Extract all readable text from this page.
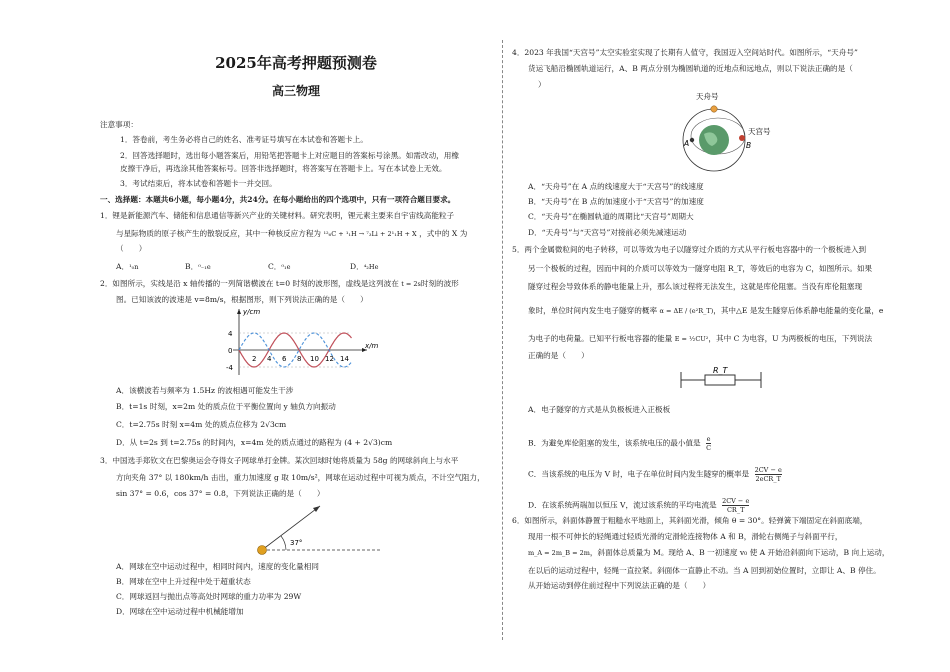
2025年高考押题预测卷
高三物理
注意事项：
1．答卷前，考生务必将自己的姓名、准考证号填写在本试卷和答题卡上。
2．回答选择题时，选出每小题答案后，用铅笔把答题卡上对应题目的答案标号涂黑。如需改动，用橡
皮擦干净后，再选涂其他答案标号。回答非选择题时，将答案写在答题卡上。写在本试卷上无效。
3．考试结束后，将本试卷和答题卡一并交回。
一、选择题：本题共6小题，每小题4分，共24分。在每小题给出的四个选项中，只有一项符合题目要求。
1．锂是新能源汽车、储能和信息通信等新兴产业的关键材料。研究表明，锂元素主要来自宇宙线高能粒子
与星际物质的原子核产生的散裂反应，其中一种核反应方程为 ¹²₆C + ¹₁H → ⁷₃Li + 2¹₁H + X ，式中的 X 为
（　　）
A．¹₀n	B．⁰₋₁e	C．⁰₁e	D．⁴₂He
2．如图所示，实线是沿 x 轴传播的一列简谐横波在 t=0 时刻的波形图，虚线是这列波在 t = 2s时刻的波形
图。已知该波的波速是 v=8m/s，根据图形，则下列说法正确的是（　　）
y/cm
x/m
4
0
-4
2 4 6 8 10 12 14
A．该横波若与频率为 1.5Hz 的波相遇可能发生干涉
B．t=1s 时刻，x=2m 处的质点位于平衡位置向 y 轴负方向振动
C．t=2.75s 时刻 x=4m 处的质点位移为 2√3cm
D．从 t=2s 到 t=2.75s 的时间内，x=4m 处的质点通过的路程为 (4 + 2√3)cm
3．中国选手郑钦文在巴黎奥运会夺得女子网球单打金牌。某次回球时她将质量为 58g 的网球斜向上与水平
方向夹角 37° 以 180km/h 击出，重力加速度 g 取 10m/s²，网球在运动过程中可视为质点，不计空气阻力，
sin 37° = 0.6，cos 37° = 0.8，下列说法正确的是（　　）
37°
A．网球在空中运动过程中，相同时间内，速度的变化量相同
B．网球在空中上升过程中处于超重状态
C．网球返回与抛出点等高处时网球的重力功率为 29W
D．网球在空中运动过程中机械能增加
4．2023 年我国“天宫号”太空实验室实现了长期有人值守，我国迈入空间站时代。如图所示，“天舟号”
货运飞船沿椭圆轨道运行，A、B 两点分别为椭圆轨道的近地点和远地点，则以下说法正确的是（
）
天舟号
天宫号
A	B
A．“天舟号”在 A 点的线速度大于“天宫号”的线速度
B．“天舟号”在 B 点的加速度小于“天宫号”的加速度
C．“天舟号”在椭圆轨道的周期比“天宫号”周期大
D．“天舟号”与“天宫号”对接前必须先减速运动
5．两个金属微粒间的电子转移，可以等效为电子以隧穿过介质的方式从平行板电容器中的一个极板进入到
另一个极板的过程，因而中间的介质可以等效为一隧穿电阻 R_T，等效后的电容为 C，如图所示。如果
隧穿过程会导致体系的静电能量上升，那么该过程将无法发生，这就是库伦阻塞。当没有库伦阻塞现
象时，单位时间内发生电子隧穿的概率 α = ΔE / (e²R_T)，其中△E 是发生隧穿后体系静电能量的变化量，e
为电子的电荷量。已知平行板电容器的能量 E = ½CU²，其中 C 为电容，U 为两极板的电压，下列说法
正确的是（　　）
R_T
A．电子隧穿的方式是从负极板进入正极板
B．为避免库伦阻塞的发生，该系统电压的最小值是 $\frac{e}{C}$
C．当该系统的电压为 V 时，电子在单位时间内发生隧穿的概率是 2CV − e
2eCR_T
D．在该系统两端加以恒压 V，流过该系统的平均电流是 $\frac{2CV - e}{CR\_T}$
6．如图所示，斜面体静置于粗糙水平地面上，其斜面光滑，倾角 θ = 30°。轻弹簧下端固定在斜面底端，
现用一根不可伸长的轻绳通过轻质光滑的定滑轮连接物体 A 和 B，滑轮右侧绳子与斜面平行，
m_A = 2m_B = 2m，斜面体总质量为 M。现给 A、B 一初速度 v₀ 使 A 开始沿斜面向下运动，B 向上运动，
在以后的运动过程中，轻绳一直拉紧。斜面体一直静止不动。当 A 回到初始位置时，立即让 A、B 停住。
从开始运动到停住前过程中下列说法正确的是（　　）
